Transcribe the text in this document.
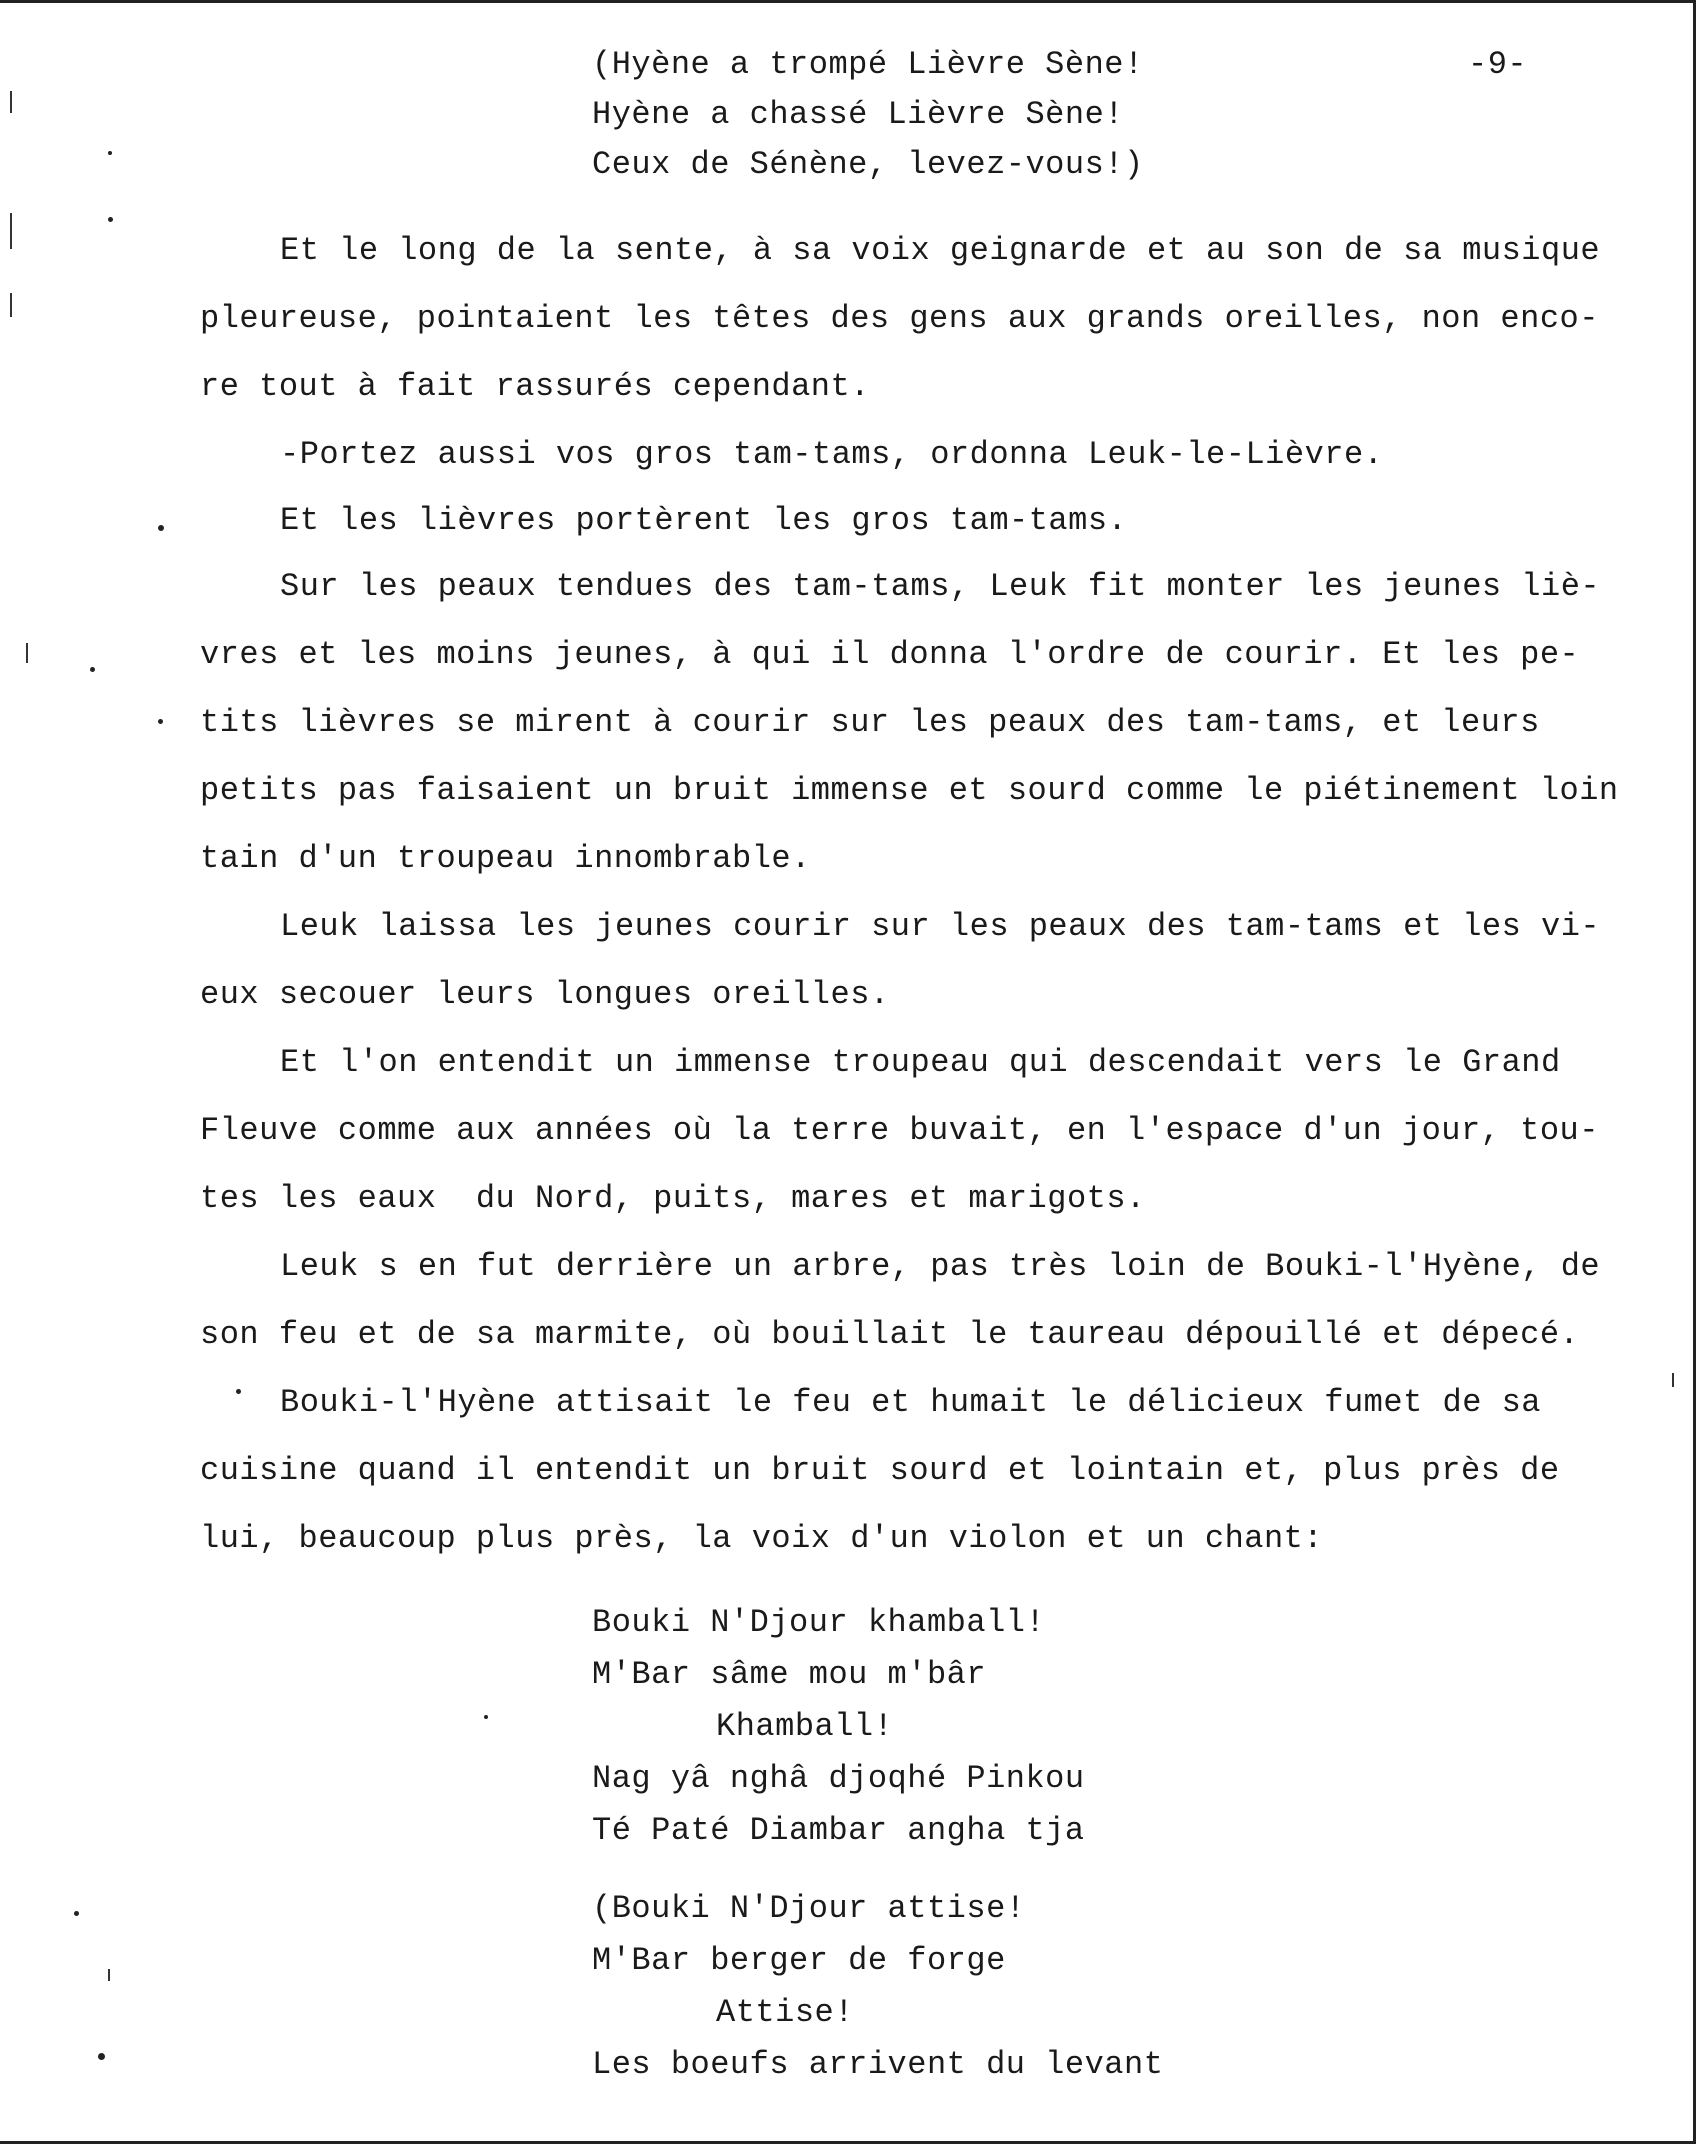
-9-
(Hyène a trompé Lièvre Sène!
Hyène a chassé Lièvre Sène!
Ceux de Sénène, levez-vous!)
Et le long de la sente, à sa voix geignarde et au son de sa musique
pleureuse, pointaient les têtes des gens aux grands oreilles, non enco-
re tout à fait rassurés cependant.
-Portez aussi vos gros tam-tams, ordonna Leuk-le-Lièvre.
Et les lièvres portèrent les gros tam-tams.
Sur les peaux tendues des tam-tams, Leuk fit monter les jeunes liè-
vres et les moins jeunes, à qui il donna l'ordre de courir. Et les pe-
tits lièvres se mirent à courir sur les peaux des tam-tams, et leurs
petits pas faisaient un bruit immense et sourd comme le piétinement loin
tain d'un troupeau innombrable.
Leuk laissa les jeunes courir sur les peaux des tam-tams et les vi-
eux secouer leurs longues oreilles.
Et l'on entendit un immense troupeau qui descendait vers le Grand
Fleuve comme aux années où la terre buvait, en l'espace d'un jour, tou-
tes les eaux  du Nord, puits, mares et marigots.
Leuk s en fut derrière un arbre, pas très loin de Bouki-l'Hyène, de
son feu et de sa marmite, où bouillait le taureau dépouillé et dépecé.
Bouki-l'Hyène attisait le feu et humait le délicieux fumet de sa
cuisine quand il entendit un bruit sourd et lointain et, plus près de
lui, beaucoup plus près, la voix d'un violon et un chant:
Bouki N'Djour khamball!
M'Bar sâme mou m'bâr
Khamball!
Nag yâ nghâ djoqhé Pinkou
Té Paté Diambar angha tja
(Bouki N'Djour attise!
M'Bar berger de forge
Attise!
Les boeufs arrivent du levant
